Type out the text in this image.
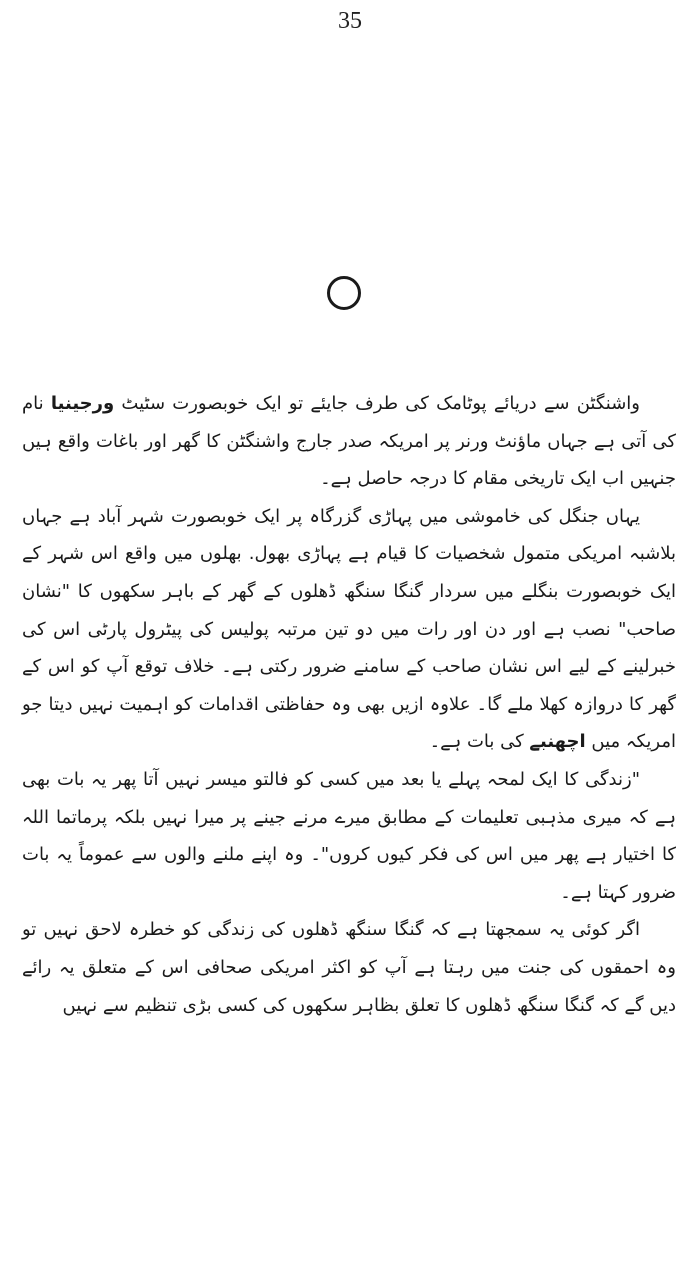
35

واشنگٹن سے دریائے پوٹامک کی طرف جایئے تو ایک خوبصورت سٹیٹ ورجینیا نام کی آتی ہے جہاں ماؤنٹ ورنر پر امریکہ صدر جارج واشنگٹن کا گھر اور باغات واقع ہیں جنہیں اب ایک تاریخی مقام کا درجہ حاصل ہے۔

یہاں جنگل کی خاموشی میں پہاڑی گزرگاہ پر ایک خوبصورت شہر آباد ہے جہاں بلاشبہ امریکی متمول شخصیات کا قیام ہے پہاڑی بھول. بھلوں میں واقع اس شہر کے ایک خوبصورت بنگلے میں سردار گنگا سنگھ ڈھلوں کے گھر کے باہر سکھوں کا "نشان صاحب" نصب ہے اور دن اور رات میں دو تین مرتبہ پولیس کی پیٹرول پارٹی اس کی خبرلینے کے لیے اس نشان صاحب کے سامنے ضرور رکتی ہے۔ خلاف توقع آپ کو اس کے گھر کا دروازہ کھلا ملے گا۔ علاوہ ازیں بھی وہ حفاظتی اقدامات کو اہمیت نہیں دیتا جو امریکہ میں اچھنبے کی بات ہے۔

"زندگی کا ایک لمحہ پہلے یا بعد میں کسی کو فالتو میسر نہیں آتا پھر یہ بات بھی ہے کہ میری مذہبی تعلیمات کے مطابق میرے مرنے جینے پر میرا نہیں بلکہ پرماتما اللہ کا اختیار ہے پھر میں اس کی فکر کیوں کروں"۔ وہ اپنے ملنے والوں سے عموماً یہ بات ضرور کہتا ہے۔

اگر کوئی یہ سمجھتا ہے کہ گنگا سنگھ ڈھلوں کی زندگی کو خطرہ لاحق نہیں تو وہ احمقوں کی جنت میں رہتا ہے آپ کو اکثر امریکی صحافی اس کے متعلق یہ رائے دیں گے کہ گنگا سنگھ ڈھلوں کا تعلق بظاہر سکھوں کی کسی بڑی تنظیم سے نہیں
